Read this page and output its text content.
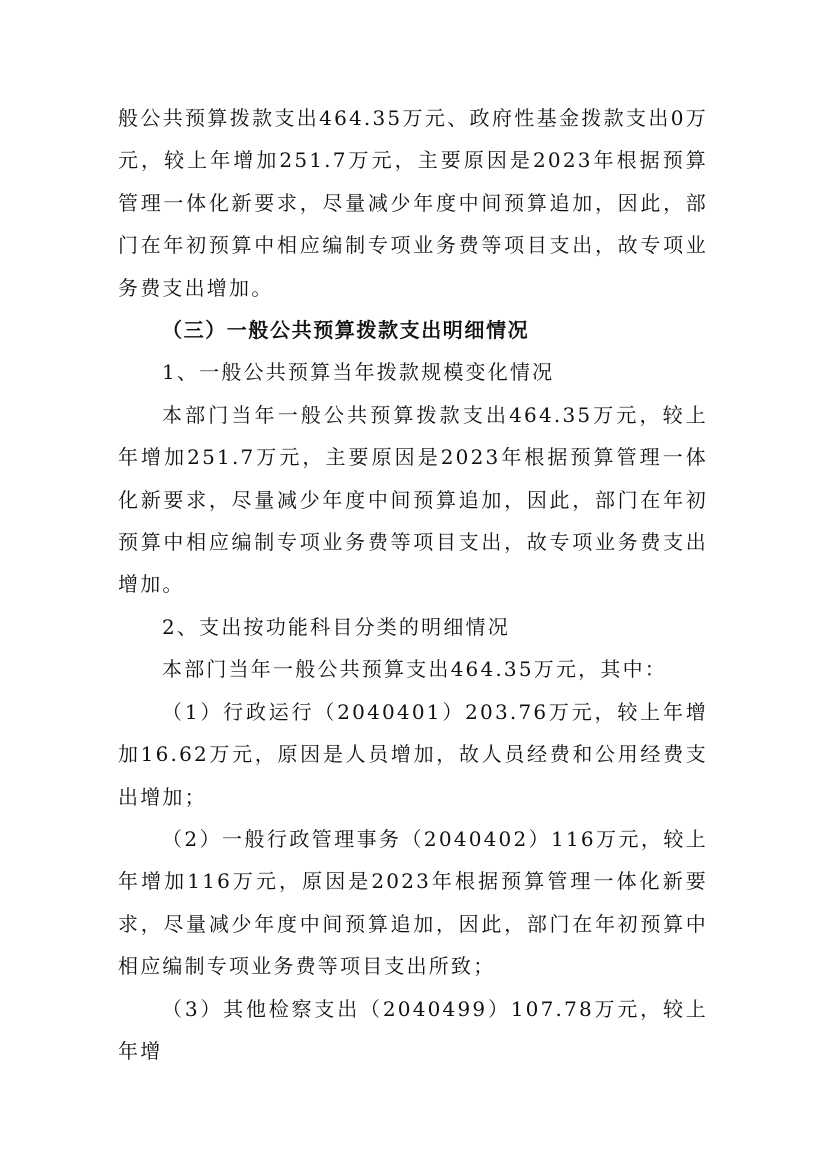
般公共预算拨款支出464.35万元、政府性基金拨款支出0万元，较上年增加251.7万元，主要原因是2023年根据预算管理一体化新要求，尽量减少年度中间预算追加，因此，部门在年初预算中相应编制专项业务费等项目支出，故专项业务费支出增加。

（三）一般公共预算拨款支出明细情况

1、一般公共预算当年拨款规模变化情况

本部门当年一般公共预算拨款支出464.35万元，较上年增加251.7万元，主要原因是2023年根据预算管理一体化新要求，尽量减少年度中间预算追加，因此，部门在年初预算中相应编制专项业务费等项目支出，故专项业务费支出增加。

2、支出按功能科目分类的明细情况

本部门当年一般公共预算支出464.35万元，其中：

（1）行政运行（2040401）203.76万元，较上年增加16.62万元，原因是人员增加，故人员经费和公用经费支出增加；

（2）一般行政管理事务（2040402）116万元，较上年增加116万元，原因是2023年根据预算管理一体化新要求，尽量减少年度中间预算追加，因此，部门在年初预算中相应编制专项业务费等项目支出所致；

（3）其他检察支出（2040499）107.78万元，较上年增
